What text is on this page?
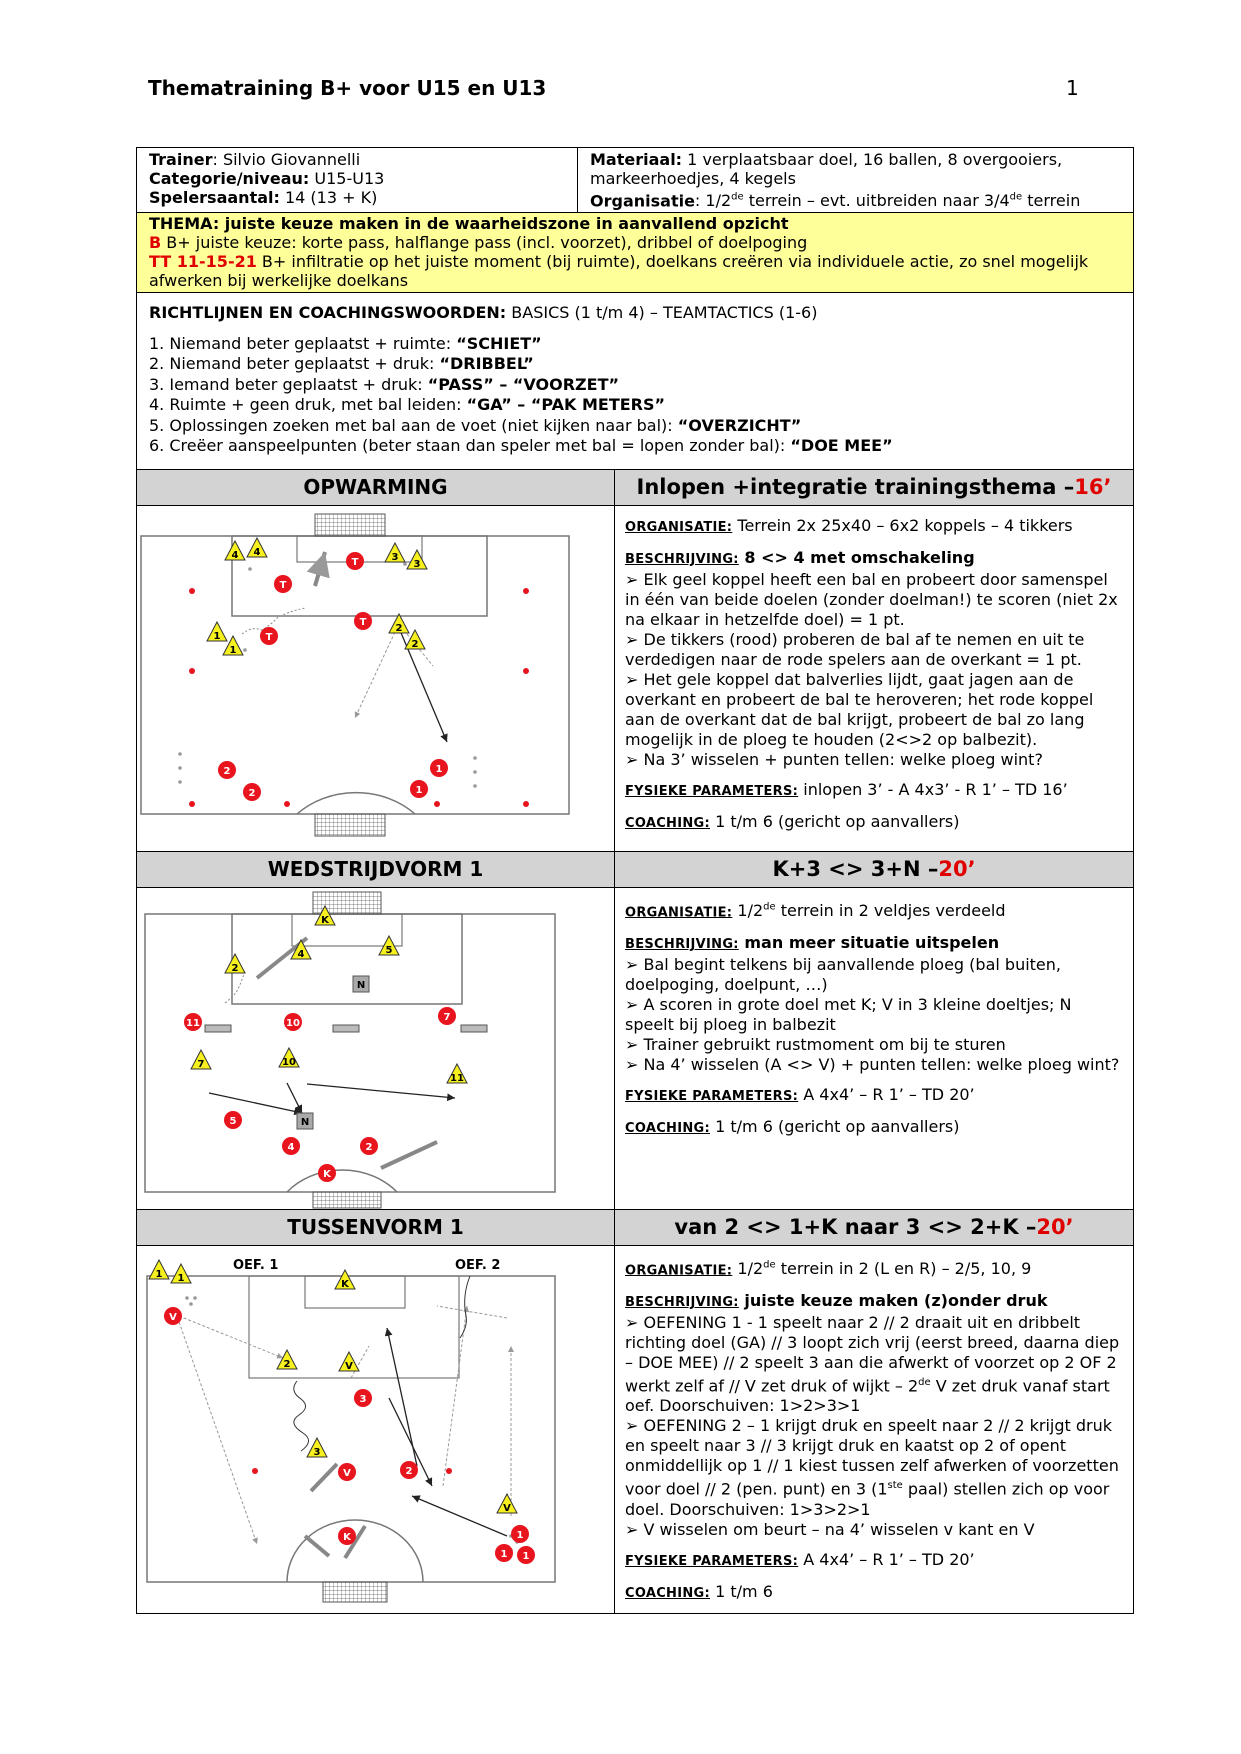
Thematraining B+ voor U15 en U13	1
Trainer: Silvio Giovannelli
Categorie/niveau: U15-U13
Spelersaantal: 14 (13 + K)
Materiaal: 1 verplaatsbaar doel, 16 ballen, 8 overgooiers, markeerhoedjes, 4 kegels
Organisatie: 1/2de terrein – evt. uitbreiden naar 3/4de terrein
THEMA: juiste keuze maken in de waarheidszone in aanvallend opzicht
B B+ juiste keuze: korte pass, halflange pass (incl. voorzet), dribbel of doelpoging
TT 11-15-21 B+ infiltratie op het juiste moment (bij ruimte), doelkans creëren via individuele actie, zo snel mogelijk afwerken bij werkelijke doelkans

RICHTLIJNEN EN COACHINGSWOORDEN: BASICS (1 t/m 4) – TEAMTACTICS (1-6)

1. Niemand beter geplaatst + ruimte: “SCHIET”

2. Niemand beter geplaatst + druk: “DRIBBEL”

3. Iemand beter geplaatst + druk: “PASS” – “VOORZET”

4. Ruimte + geen druk, met bal leiden: “GA” – “PAK METERS”

5. Oplossingen zoeken met bal aan de voet (niet kijken naar bal): “OVERZICHT”

6. Creëer aanspeelpunten (beter staan dan speler met bal = lopen zonder bal): “DOE MEE”

OPWARMING	Inlopen +integratie trainingsthema – 16’
T
T
T
T
2
2
1
1
4 4	3
3
1
1
2
2

ORGANISATIE: Terrein 2x 25x40 – 6x2 koppels – 4 tikkers

BESCHRIJVING: 8 <> 4 met omschakeling

➢ Elk geel koppel heeft een bal en probeert door samenspel in één van beide doelen (zonder doelman!) te scoren (niet 2x na elkaar in hetzelfde doel) = 1 pt.

➢ De tikkers (rood) proberen de bal af te nemen en uit te verdedigen naar de rode spelers aan de overkant = 1 pt.

➢ Het gele koppel dat balverlies lijdt, gaat jagen aan de overkant en probeert de bal te heroveren; het rode koppel aan de overkant dat de bal krijgt, probeert de bal zo lang mogelijk in de ploeg te houden (2<>2 op balbezit).

➢ Na 3’ wisselen + punten tellen: welke ploeg wint?

FYSIEKE PARAMETERS: inlopen 3’ - A 4x3’ - R 1’ – TD 16’

COACHING: 1 t/m 6 (gericht op aanvallers)

WEDSTRIJDVORM 1	K+3 <> 3+N – 20’
11	10
7
5
4	2
K
N
N
K
2
4	5
7	10
11

ORGANISATIE: 1/2de terrein in 2 veldjes verdeeld

BESCHRIJVING: man meer situatie uitspelen

➢ Bal begint telkens bij aanvallende ploeg (bal buiten, doelpoging, doelpunt, …)

➢ A scoren in grote doel met K; V in 3 kleine doeltjes; N speelt bij ploeg in balbezit

➢ Trainer gebruikt rustmoment om bij te sturen

➢ Na 4’ wisselen (A <> V) + punten tellen: welke ploeg wint?

FYSIEKE PARAMETERS: A 4x4’ – R 1’ – TD 20’

COACHING: 1 t/m 6 (gericht op aanvallers)

TUSSENVORM 1	van 2 <> 1+K naar 3 <> 2+K – 20’
OEF. 1	OEF. 2
V
3
V	2
K	1
1 1
1 1
K
2	V
3
V

ORGANISATIE: 1/2de terrein in 2 (L en R) – 2/5, 10, 9

BESCHRIJVING: juiste keuze maken (z)onder druk

➢ OEFENING 1 - 1 speelt naar 2 // 2 draait uit en dribbelt richting doel (GA) // 3 loopt zich vrij (eerst breed, daarna diep – DOE MEE) // 2 speelt 3 aan die afwerkt of voorzet op 2 OF 2 werkt zelf af // V zet druk of wijkt – 2de V zet druk vanaf start oef. Doorschuiven: 1>2>3>1

➢ OEFENING 2 – 1 krijgt druk en speelt naar 2 // 2 krijgt druk en speelt naar 3 // 3 krijgt druk en kaatst op 2 of opent onmiddellijk op 1 // 1 kiest tussen zelf afwerken of voorzetten voor doel // 2 (pen. punt) en 3 (1ste paal) stellen zich op voor doel. Doorschuiven: 1>3>2>1

➢ V wisselen om beurt – na 4’ wisselen v kant en V

FYSIEKE PARAMETERS: A 4x4’ – R 1’ – TD 20’

COACHING: 1 t/m 6
